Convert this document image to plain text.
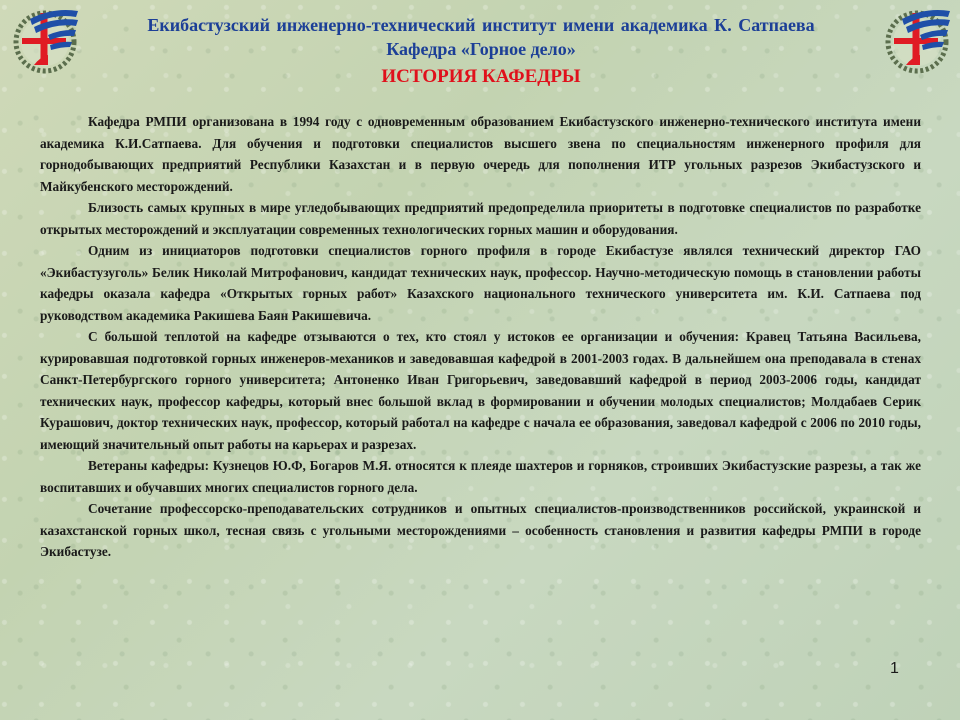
Екибастузский инженерно-технический институт имени академика К. Сатпаева
Кафедра «Горное дело»
ИСТОРИЯ КАФЕДРЫ

Кафедра РМПИ организована в 1994 году с одновременным образованием Екибастузского инженерно-технического института имени академика К.И.Сатпаева. Для обучения и подготовки специалистов высшего звена по специальностям инженерного профиля для горнодобывающих предприятий Республики Казахстан и в первую очередь для пополнения ИТР угольных разрезов Экибастузского и Майкубенского месторождений.

Близость самых крупных в мире угледобывающих предприятий предопределила приоритеты в подготовке специалистов по разработке открытых месторождений и эксплуатации современных технологических горных машин и оборудования.

Одним из инициаторов подготовки специалистов горного профиля в городе Екибастузе являлся технический директор ГАО «Экибастузуголь» Белик Николай Митрофанович, кандидат технических наук, профессор. Научно-методическую помощь в становлении работы кафедры оказала кафедра «Открытых горных работ» Казахского национального технического университета им. К.И. Сатпаева под руководством академика Ракишева Баян Ракишевича.

С большой теплотой на кафедре отзываются о тех, кто стоял у истоков ее организации и обучения: Кравец Татьяна Васильева, курировавшая подготовкой горных инженеров-механиков и заведовавшая кафедрой в 2001-2003 годах. В дальнейшем она преподавала в стенах Санкт-Петербургского горного университета; Антоненко Иван Григорьевич, заведовавший кафедрой в период 2003-2006 годы, кандидат технических наук, профессор кафедры, который внес большой вклад в формировании и обучении молодых специалистов; Молдабаев Серик Курашович, доктор технических наук, профессор, который работал на кафедре с начала ее образования, заведовал кафедрой с 2006 по 2010 годы, имеющий значительный опыт работы на карьерах и разрезах.

Ветераны кафедры: Кузнецов Ю.Ф, Богаров М.Я. относятся к плеяде шахтеров и горняков, строивших Экибастузские разрезы, а так же воспитавших и обучавших многих специалистов горного дела.

Сочетание профессорско-преподавательских сотрудников и опытных специалистов-производственников российской, украинской и казахстанской горных школ, тесная связь с угольными месторождениями – особенность становления и развития кафедры РМПИ в городе Экибастузе.

1
